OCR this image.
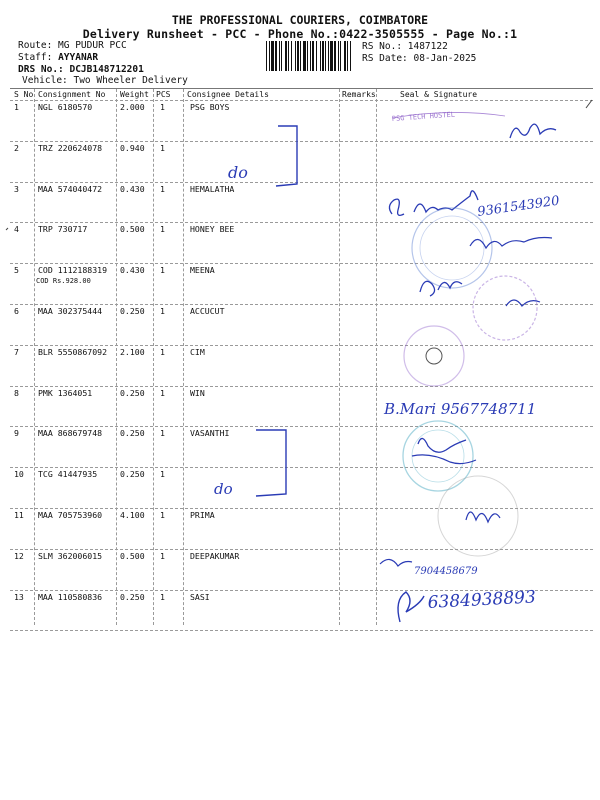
THE PROFESSIONAL COURIERS, COIMBATORE
Delivery Runsheet - PCC - Phone No.:0422-3505555 - Page No.:1
Route: MG PUDUR PCC
Staff: AYYANAR
DRS No.: DCJB148712201
Vehicle: Two Wheeler Delivery
RS No.: 1487122
RS Date: 08-Jan-2025
S No Consignment No Weight PCS Consignee Details	Remarks	Seal & Signature
1 NGL 6180570	2.000 1	PSG BOYS
2 TRZ 220624078 0.940 1
3 MAA 574040472 0.430 1	HEMALATHA
4 TRP 730717	0.500 1	HONEY BEE
5 COD 1112188319 0.430 1	MEENA
COD Rs.928.00
6 MAA 302375444 0.250 1	ACCUCUT
7 BLR 5550867092 2.100 1	CIM
8 PMK 1364051	0.250 1	WIN
9 MAA 868679748 0.250 1	VASANTHI
10 TCG 41447935	0.250 1
11 MAA 705753960 4.100 1	PRIMA
12 SLM 362006015 0.500 1	DEEPAKUMAR
13 MAA 110580836 0.250 1	SASI
PSG TECH HOSTEL
do
9361543920
B.Mari 9567748711
do
7904458679
6384938893
